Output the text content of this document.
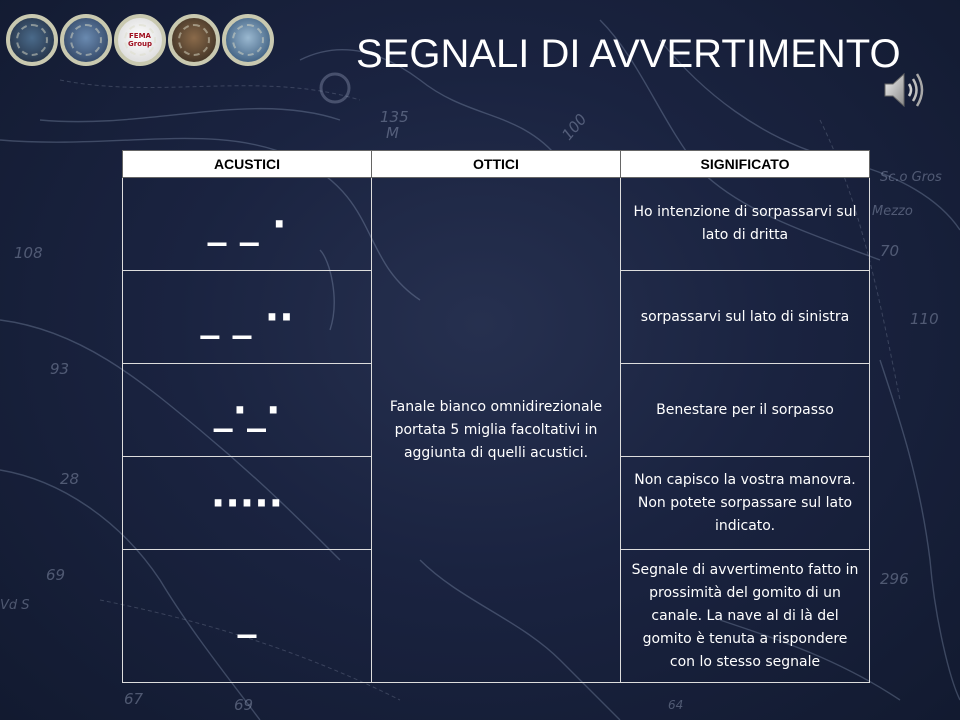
135
M	100
Sc.o Gros
Mezzo
70
110
296
108
93
28
69
Vd S
67	69	64
FEMA Group	SEGNALI DI AVVERTIMENTO
ACUSTICI	OTTICI	SIGNIFICATO
_ _ ·	Fanale bianco omnidirezionale portata 5 miglia facoltativi in aggiunta di quelli acustici.	Ho intenzione di sorpassarvi sul lato di dritta
_ _ ··		sorpassarvi sul lato di sinistra
_·_·		Benestare per il sorpasso
·····		Non capisco la vostra manovra. Non potete sorpassare sul lato indicato.
_		Segnale di avvertimento fatto in prossimità del gomito di un canale. La nave al di là del gomito è tenuta a rispondere con lo stesso segnale
